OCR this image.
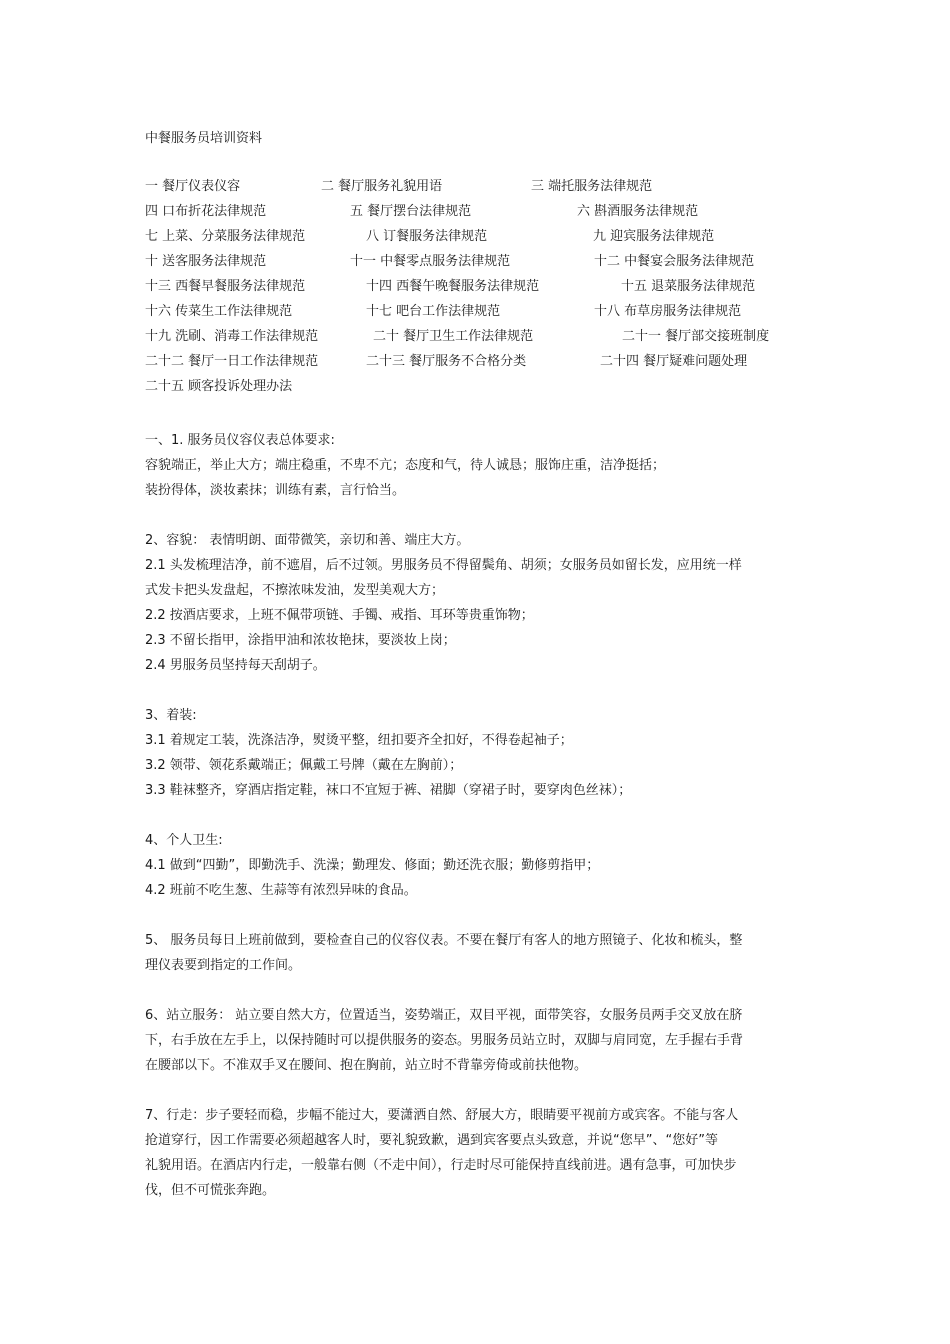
中餐服务员培训资料
一 餐厅仪表仪容	二 餐厅服务礼貌用语	三 端托服务法律规范
四 口布折花法律规范	五 餐厅摆台法律规范	六 斟酒服务法律规范
七 上菜、分菜服务法律规范	八 订餐服务法律规范	九 迎宾服务法律规范
十 送客服务法律规范	十一 中餐零点服务法律规范	十二 中餐宴会服务法律规范
十三 西餐早餐服务法律规范	十四 西餐午晚餐服务法律规范	十五 退菜服务法律规范
十六 传菜生工作法律规范	十七 吧台工作法律规范	十八 布草房服务法律规范
十九 洗刷、消毒工作法律规范	二十 餐厅卫生工作法律规范	二十一 餐厅部交接班制度
二十二 餐厅一日工作法律规范	二十三 餐厅服务不合格分类	二十四 餐厅疑难问题处理
二十五 顾客投诉处理办法

一、1. 服务员仪容仪表总体要求:

容貌端正，举止大方；端庄稳重，不卑不亢；态度和气，待人诚恳；服饰庄重，洁净挺括；

装扮得体，淡妆素抹；训练有素，言行恰当。

2、容貌： 表情明朗、面带微笑，亲切和善、端庄大方。

2.1 头发梳理洁净，前不遮眉，后不过领。男服务员不得留鬓角、胡须；女服务员如留长发，应用统一样

式发卡把头发盘起，不擦浓味发油，发型美观大方；

2.2 按酒店要求，上班不佩带项链、手镯、戒指、耳环等贵重饰物；

2.3 不留长指甲，涂指甲油和浓妆艳抹，要淡妆上岗；

2.4 男服务员坚持每天刮胡子。

3、着装:

3.1 着规定工装，洗涤洁净，熨烫平整，纽扣要齐全扣好，不得卷起袖子；

3.2 领带、领花系戴端正；佩戴工号牌（戴在左胸前）；

3.3 鞋袜整齐，穿酒店指定鞋，袜口不宜短于裤、裙脚（穿裙子时，要穿肉色丝袜）；

4、个人卫生:

4.1 做到“四勤”，即勤洗手、洗澡；勤理发、修面；勤还洗衣服；勤修剪指甲；

4.2 班前不吃生葱、生蒜等有浓烈异味的食品。

5、 服务员每日上班前做到，要检查自己的仪容仪表。不要在餐厅有客人的地方照镜子、化妆和梳头，整

理仪表要到指定的工作间。

6、站立服务： 站立要自然大方，位置适当，姿势端正，双目平视，面带笑容，女服务员两手交叉放在脐

下，右手放在左手上，以保持随时可以提供服务的姿态。男服务员站立时，双脚与肩同宽，左手握右手背

在腰部以下。不准双手叉在腰间、抱在胸前，站立时不背靠旁倚或前扶他物。

7、行走：步子要轻而稳，步幅不能过大，要潇洒自然、舒展大方，眼睛要平视前方或宾客。不能与客人

抢道穿行，因工作需要必须超越客人时，要礼貌致歉，遇到宾客要点头致意，并说“您早”、“您好”等

礼貌用语。在酒店内行走，一般靠右侧（不走中间），行走时尽可能保持直线前进。遇有急事，可加快步

伐，但不可慌张奔跑。
